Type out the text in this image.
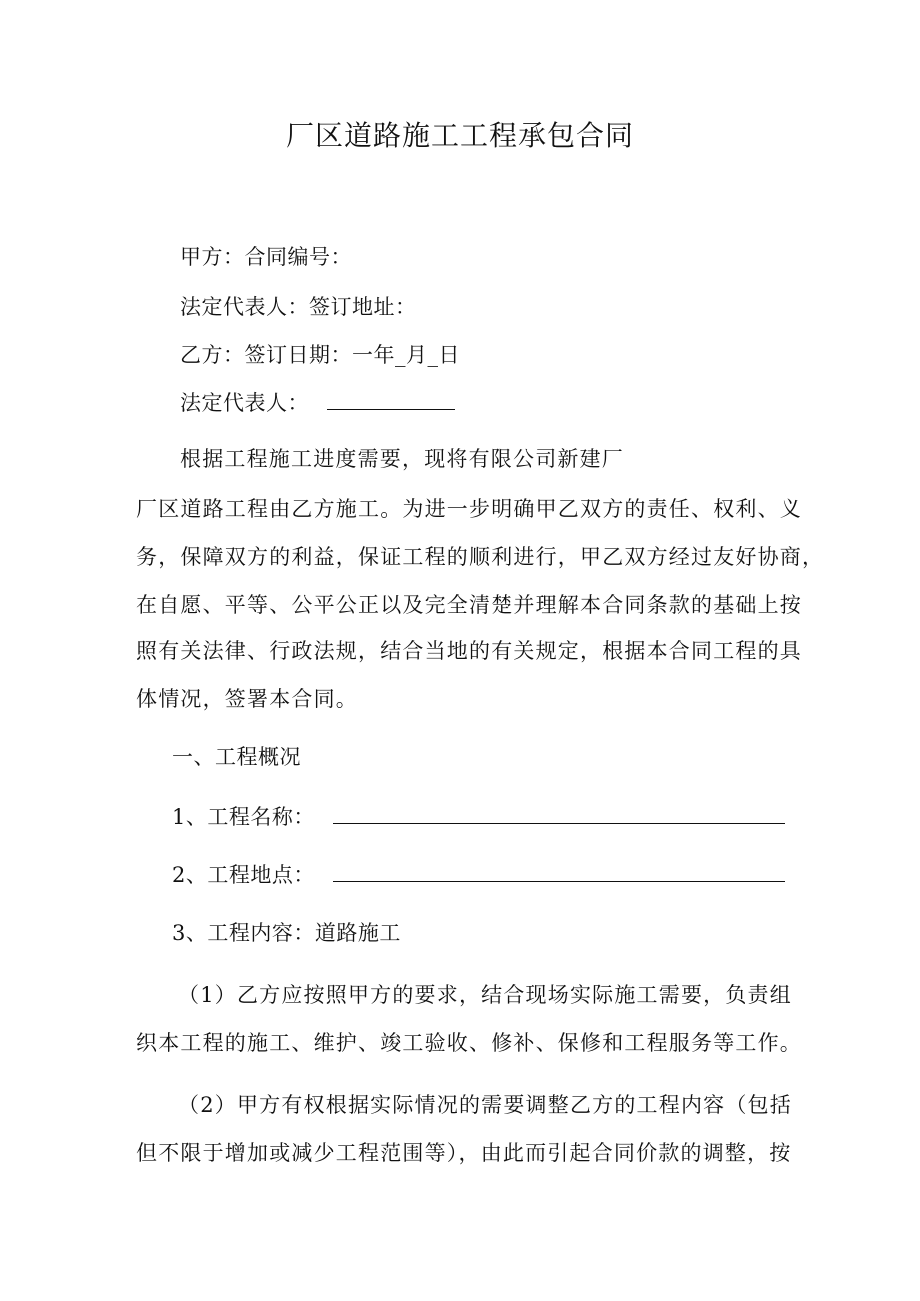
厂区道路施工工程承包合同
甲方：合同编号：
法定代表人：签订地址：
乙方：签订日期：一年_月_日
法定代表人：
根据工程施工进度需要，现将有限公司新建厂
厂区道路工程由乙方施工。为进一步明确甲乙双方的责任、权利、义
务，保障双方的利益，保证工程的顺利进行，甲乙双方经过友好协商，
在自愿、平等、公平公正以及完全清楚并理解本合同条款的基础上按
照有关法律、行政法规，结合当地的有关规定，根据本合同工程的具
体情况，签署本合同。
一、工程概况
1、工程名称：
2、工程地点：
3、工程内容：道路施工
（1）乙方应按照甲方的要求，结合现场实际施工需要，负责组
织本工程的施工、维护、竣工验收、修补、保修和工程服务等工作。
（2）甲方有权根据实际情况的需要调整乙方的工程内容（包括
但不限于增加或减少工程范围等），由此而引起合同价款的调整，按
